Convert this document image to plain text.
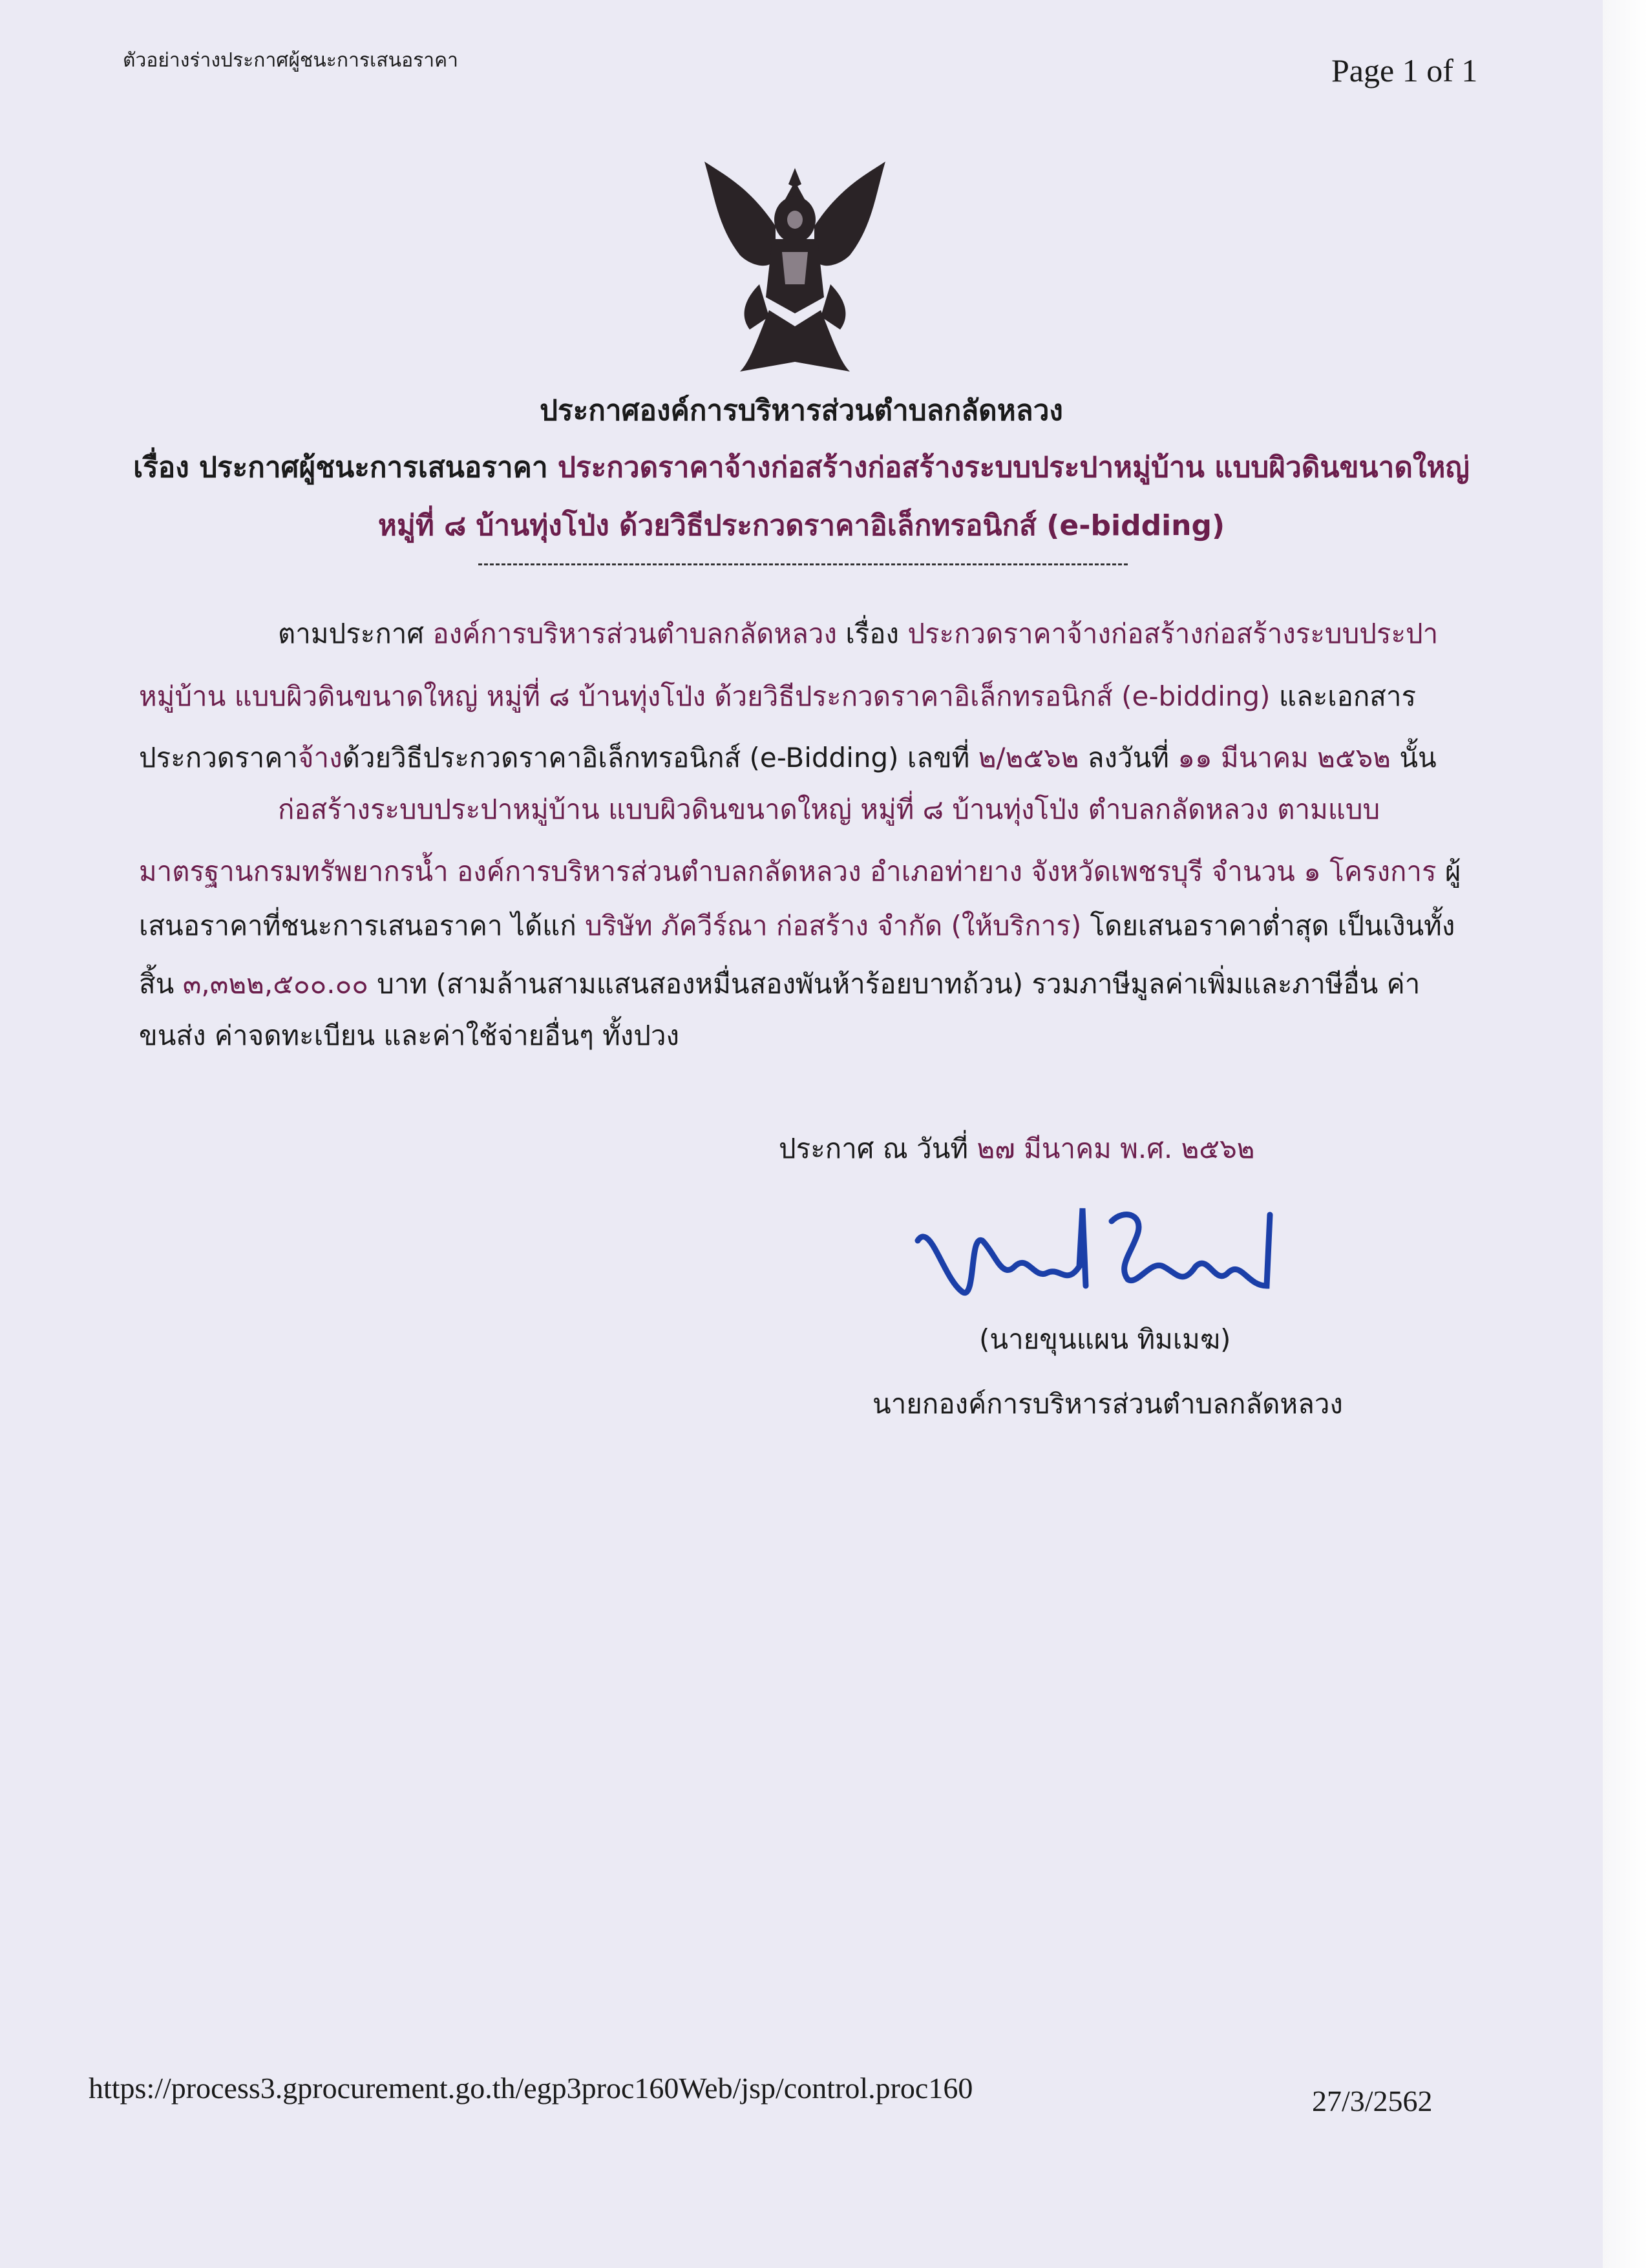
ตัวอย่างร่างประกาศผู้ชนะการเสนอราคา	Page 1 of 1
ประกาศองค์การบริหารส่วนตำบลกลัดหลวง
เรื่อง ประกาศผู้ชนะการเสนอราคา ประกวดราคาจ้างก่อสร้างก่อสร้างระบบประปาหมู่บ้าน แบบผิวดินขนาดใหญ่
หมู่ที่ ๘ บ้านทุ่งโป่ง ด้วยวิธีประกวดราคาอิเล็กทรอนิกส์ (e-bidding)
ตามประกาศ องค์การบริหารส่วนตำบลกลัดหลวง เรื่อง ประกวดราคาจ้างก่อสร้างก่อสร้างระบบประปา
หมู่บ้าน แบบผิวดินขนาดใหญ่ หมู่ที่ ๘ บ้านทุ่งโป่ง ด้วยวิธีประกวดราคาอิเล็กทรอนิกส์ (e-bidding) และเอกสาร
ประกวดราคาจ้างด้วยวิธีประกวดราคาอิเล็กทรอนิกส์ (e-Bidding) เลขที่ ๒/๒๕๖๒ ลงวันที่ ๑๑ มีนาคม ๒๕๖๒ นั้น
ก่อสร้างระบบประปาหมู่บ้าน แบบผิวดินขนาดใหญ่ หมู่ที่ ๘ บ้านทุ่งโป่ง ตำบลกลัดหลวง ตามแบบ
มาตรฐานกรมทรัพยากรน้ำ องค์การบริหารส่วนตำบลกลัดหลวง อำเภอท่ายาง จังหวัดเพชรบุรี จำนวน ๑ โครงการ ผู้
เสนอราคาที่ชนะการเสนอราคา ได้แก่ บริษัท ภัควีร์ณา ก่อสร้าง จำกัด (ให้บริการ) โดยเสนอราคาต่ำสุด เป็นเงินทั้ง
สิ้น ๓,๓๒๒,๕๐๐.๐๐ บาท (สามล้านสามแสนสองหมื่นสองพันห้าร้อยบาทถ้วน) รวมภาษีมูลค่าเพิ่มและภาษีอื่น ค่า
ขนส่ง ค่าจดทะเบียน และค่าใช้จ่ายอื่นๆ ทั้งปวง
ประกาศ ณ วันที่ ๒๗ มีนาคม พ.ศ. ๒๕๖๒
(นายขุนแผน ทิมเมฆ)
นายกองค์การบริหารส่วนตำบลกลัดหลวง
https://process3.gprocurement.go.th/egp3proc160Web/jsp/control.proc160	27/3/2562
